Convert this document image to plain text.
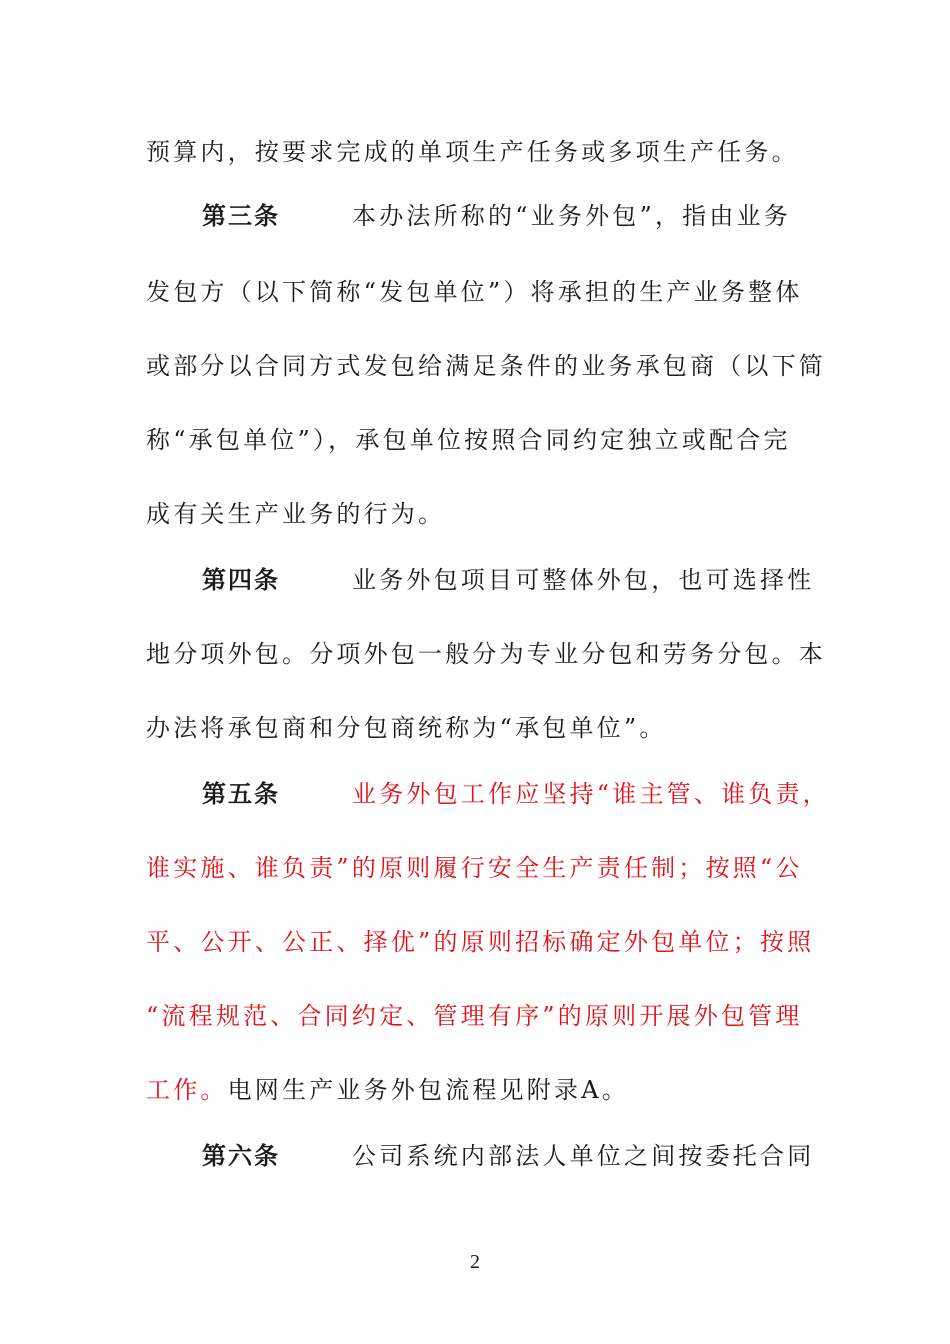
预算内，按要求完成的单项生产任务或多项生产任务。
第三条	本办法所称的“业务外包”，指由业务
发包方（以下简称“发包单位”）将承担的生产业务整体
或部分以合同方式发包给满足条件的业务承包商（以下简
称“承包单位”），承包单位按照合同约定独立或配合完
成有关生产业务的行为。
第四条	业务外包项目可整体外包，也可选择性
地分项外包。分项外包一般分为专业分包和劳务分包。本
办法将承包商和分包商统称为“承包单位”。
第五条	业务外包工作应坚持“谁主管、谁负责，
谁实施、谁负责”的原则履行安全生产责任制；按照“公
平、公开、公正、择优”的原则招标确定外包单位；按照
“流程规范、合同约定、管理有序”的原则开展外包管理
工作。电网生产业务外包流程见附录A。
第六条	公司系统内部法人单位之间按委托合同
2
